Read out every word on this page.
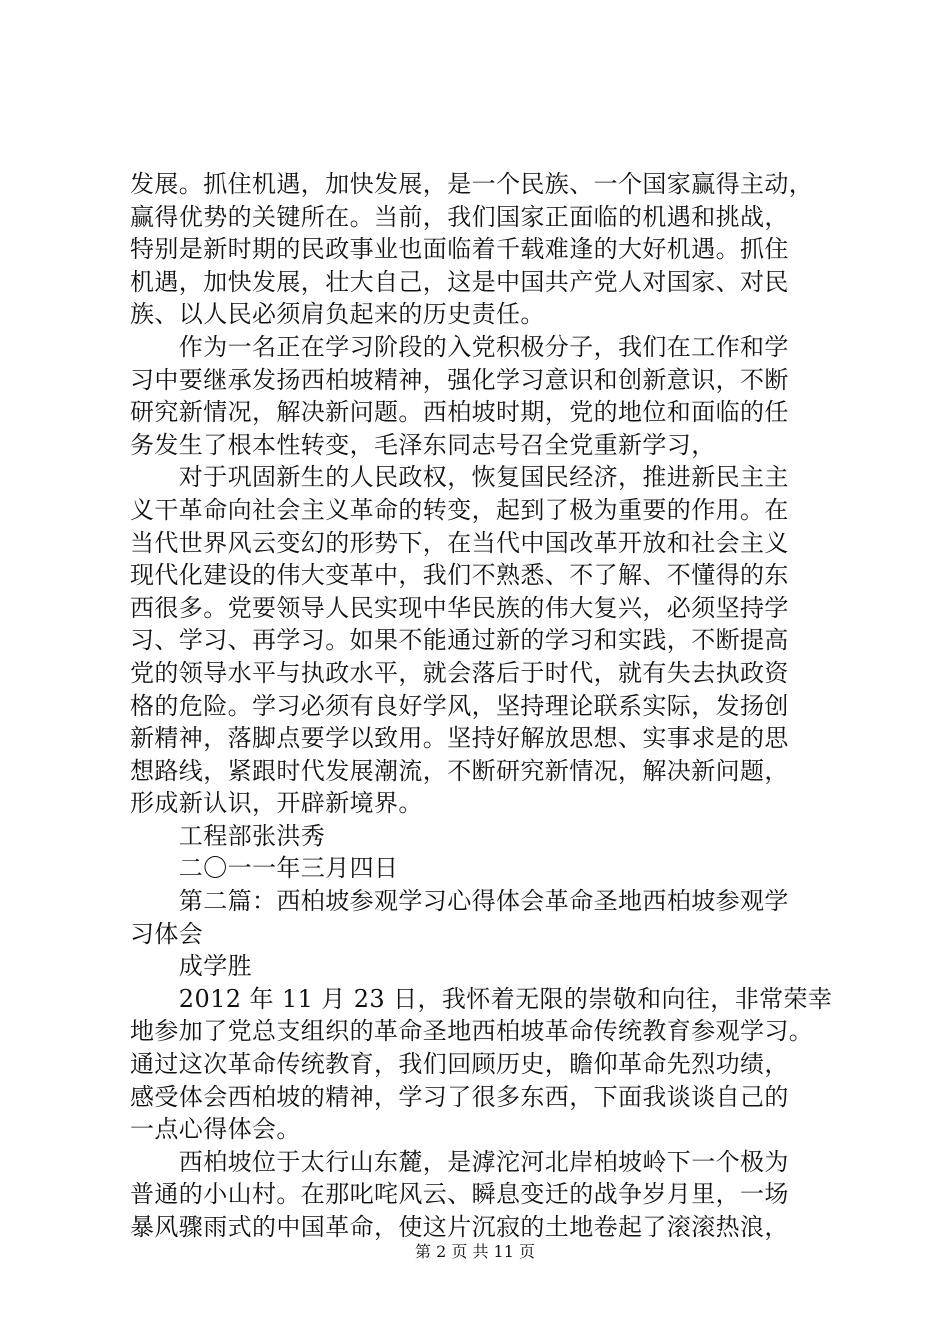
发展。抓住机遇，加快发展，是一个民族、一个国家赢得主动，
赢得优势的关键所在。当前，我们国家正面临的机遇和挑战，
特别是新时期的民政事业也面临着千载难逢的大好机遇。抓住
机遇，加快发展，壮大自己，这是中国共产党人对国家、对民
族、以人民必须肩负起来的历史责任。
　　作为一名正在学习阶段的入党积极分子，我们在工作和学
习中要继承发扬西柏坡精神，强化学习意识和创新意识，不断
研究新情况，解决新问题。西柏坡时期，党的地位和面临的任
务发生了根本性转变，毛泽东同志号召全党重新学习，
　　对于巩固新生的人民政权，恢复国民经济，推进新民主主
义干革命向社会主义革命的转变，起到了极为重要的作用。在
当代世界风云变幻的形势下，在当代中国改革开放和社会主义
现代化建设的伟大变革中，我们不熟悉、不了解、不懂得的东
西很多。党要领导人民实现中华民族的伟大复兴，必须坚持学
习、学习、再学习。如果不能通过新的学习和实践，不断提高
党的领导水平与执政水平，就会落后于时代，就有失去执政资
格的危险。学习必须有良好学风，坚持理论联系实际，发扬创
新精神，落脚点要学以致用。坚持好解放思想、实事求是的思
想路线，紧跟时代发展潮流，不断研究新情况，解决新问题，
形成新认识，开辟新境界。
　　工程部张洪秀
　　二〇一一年三月四日
　　第二篇：西柏坡参观学习心得体会革命圣地西柏坡参观学
习体会
　　成学胜
　　2012 年 11 月 23 日，我怀着无限的崇敬和向往，非常荣幸
地参加了党总支组织的革命圣地西柏坡革命传统教育参观学习。
通过这次革命传统教育，我们回顾历史，瞻仰革命先烈功绩，
感受体会西柏坡的精神，学习了很多东西，下面我谈谈自己的
一点心得体会。
　　西柏坡位于太行山东麓，是滹沱河北岸柏坡岭下一个极为
普通的小山村。在那叱咤风云、瞬息变迁的战争岁月里，一场
暴风骤雨式的中国革命，使这片沉寂的土地卷起了滚滚热浪，
第 2 页 共 11 页
